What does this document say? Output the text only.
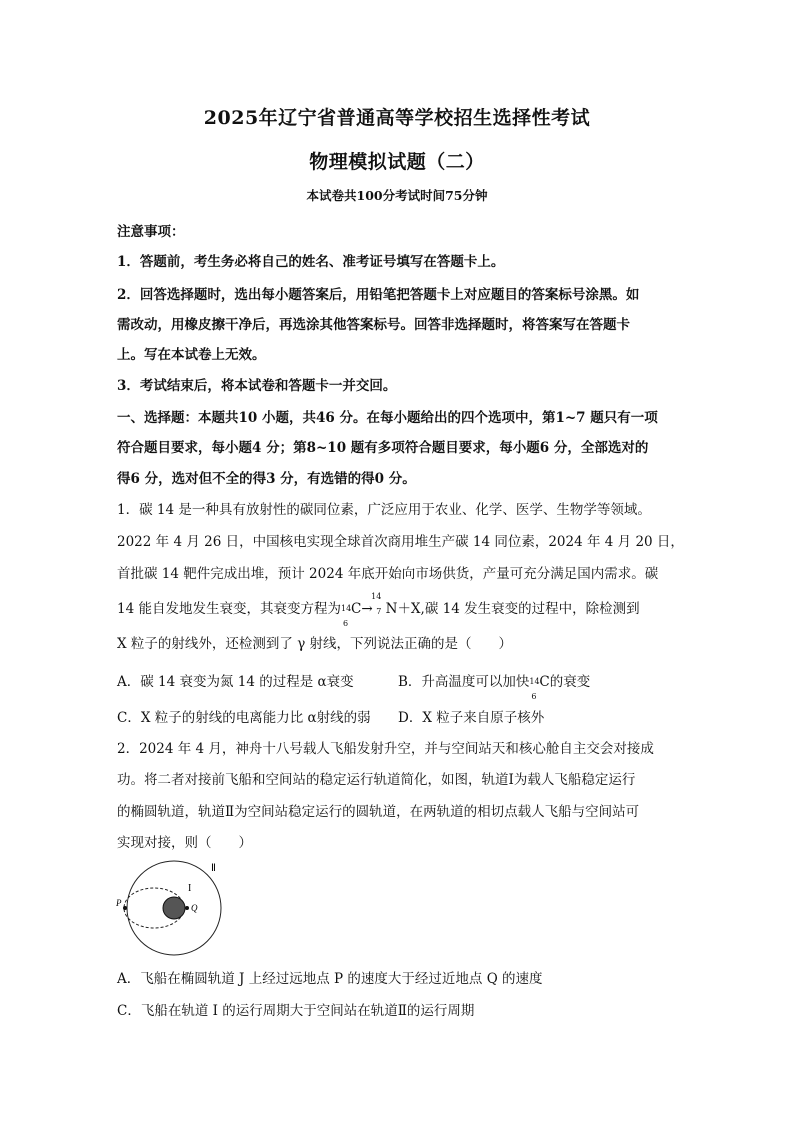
2025年辽宁省普通高等学校招生选择性考试
物理模拟试题（二）
本试卷共100分考试时间75分钟
注意事项：
1．答题前，考生务必将自己的姓名、准考证号填写在答题卡上。
2．回答选择题时，选出每小题答案后，用铅笔把答题卡上对应题目的答案标号涂黑。如
需改动，用橡皮擦干净后，再选涂其他答案标号。回答非选择题时，将答案写在答题卡
上。写在本试卷上无效。
3．考试结束后，将本试卷和答题卡一并交回。
一、选择题：本题共10 小题，共46 分。在每小题给出的四个选项中，第1~7 题只有一项
符合题目要求，每小题4 分；第8~10 题有多项符合题目要求，每小题6 分，全部选对的
得6 分，选对但不全的得3 分，有选错的得0 分。
1．碳 14 是一种具有放射性的碳同位素，广泛应用于农业、化学、医学、生物学等领域。
2022 年 4 月 26 日，中国核电实现全球首次商用堆生产碳 14 同位素，2024 年 4 月 20 日，
首批碳 14 靶件完成出堆，预计 2024 年底开始向市场供货，产量可充分满足国内需求。碳
14 能自发地发生衰变，其衰变方程为 14
6
C→
14
7 N＋X,碳 14 发生衰变的过程中，除检测到
X 粒子的射线外，还检测到了 γ 射线，下列说法正确的是（　　）
A．碳 14 衰变为氮 14 的过程是 α衰变	B．升高温度可以加快 14
6
C的衰变
C．X 粒子的射线的电离能力比 α射线的弱 D．X 粒子来自原子核外
2．2024 年 4 月，神舟十八号载人飞船发射升空，并与空间站天和核心舱自主交会对接成
功。将二者对接前飞船和空间站的稳定运行轨道简化，如图，轨道Ⅰ为载人飞船稳定运行
的椭圆轨道，轨道Ⅱ为空间站稳定运行的圆轨道，在两轨道的相切点载人飞船与空间站可
实现对接，则（　　）
Ⅱ
I
P	Q
A．飞船在椭圆轨道 J 上经过远地点 P 的速度大于经过近地点 Q 的速度
C．飞船在轨道 I 的运行周期大于空间站在轨道Ⅱ的运行周期
